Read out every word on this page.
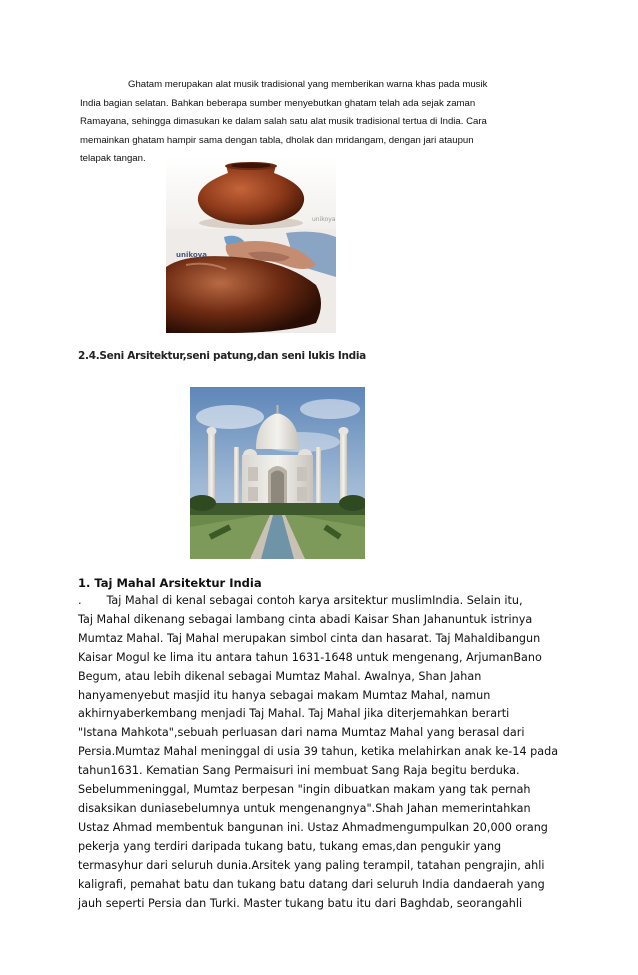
Ghatam merupakan alat musik tradisional yang memberikan warna khas pada musik
India bagian selatan. Bahkan beberapa sumber menyebutkan ghatam telah ada sejak zaman
Ramayana, sehingga dimasukan ke dalam salah satu alat musik tradisional tertua di India. Cara
memainkan ghatam hampir sama dengan tabla, dholak dan mridangam, dengan jari ataupun
telapak tangan.
unikoya
unikoya
2.4.Seni Arsitektur,seni patung,dan seni lukis India
1. Taj Mahal Arsitektur India
.       Taj Mahal di kenal sebagai contoh karya arsitektur muslimIndia. Selain itu,
Taj Mahal dikenang sebagai lambang cinta abadi Kaisar Shan Jahanuntuk istrinya
Mumtaz Mahal. Taj Mahal merupakan simbol cinta dan hasarat. Taj Mahaldibangun
Kaisar Mogul ke lima itu antara tahun 1631-1648 untuk mengenang, ArjumanBano
Begum, atau lebih dikenal sebagai Mumtaz Mahal. Awalnya, Shan Jahan
hanyamenyebut masjid itu hanya sebagai makam Mumtaz Mahal, namun
akhirnyaberkembang menjadi Taj Mahal. Taj Mahal jika diterjemahkan berarti
"Istana Mahkota",sebuah perluasan dari nama Mumtaz Mahal yang berasal dari
Persia.Mumtaz Mahal meninggal di usia 39 tahun, ketika melahirkan anak ke-14 pada
tahun1631. Kematian Sang Permaisuri ini membuat Sang Raja begitu berduka.
Sebelummeninggal, Mumtaz berpesan "ingin dibuatkan makam yang tak pernah
disaksikan duniasebelumnya untuk mengenangnya".Shah Jahan memerintahkan
Ustaz Ahmad membentuk bangunan ini. Ustaz Ahmadmengumpulkan 20,000 orang
pekerja yang terdiri daripada tukang batu, tukang emas,dan pengukir yang
termasyhur dari seluruh dunia.Arsitek yang paling terampil, tatahan pengrajin, ahli
kaligrafi, pemahat batu dan tukang batu datang dari seluruh India dandaerah yang
jauh seperti Persia dan Turki. Master tukang batu itu dari Baghdab, seorangahli
